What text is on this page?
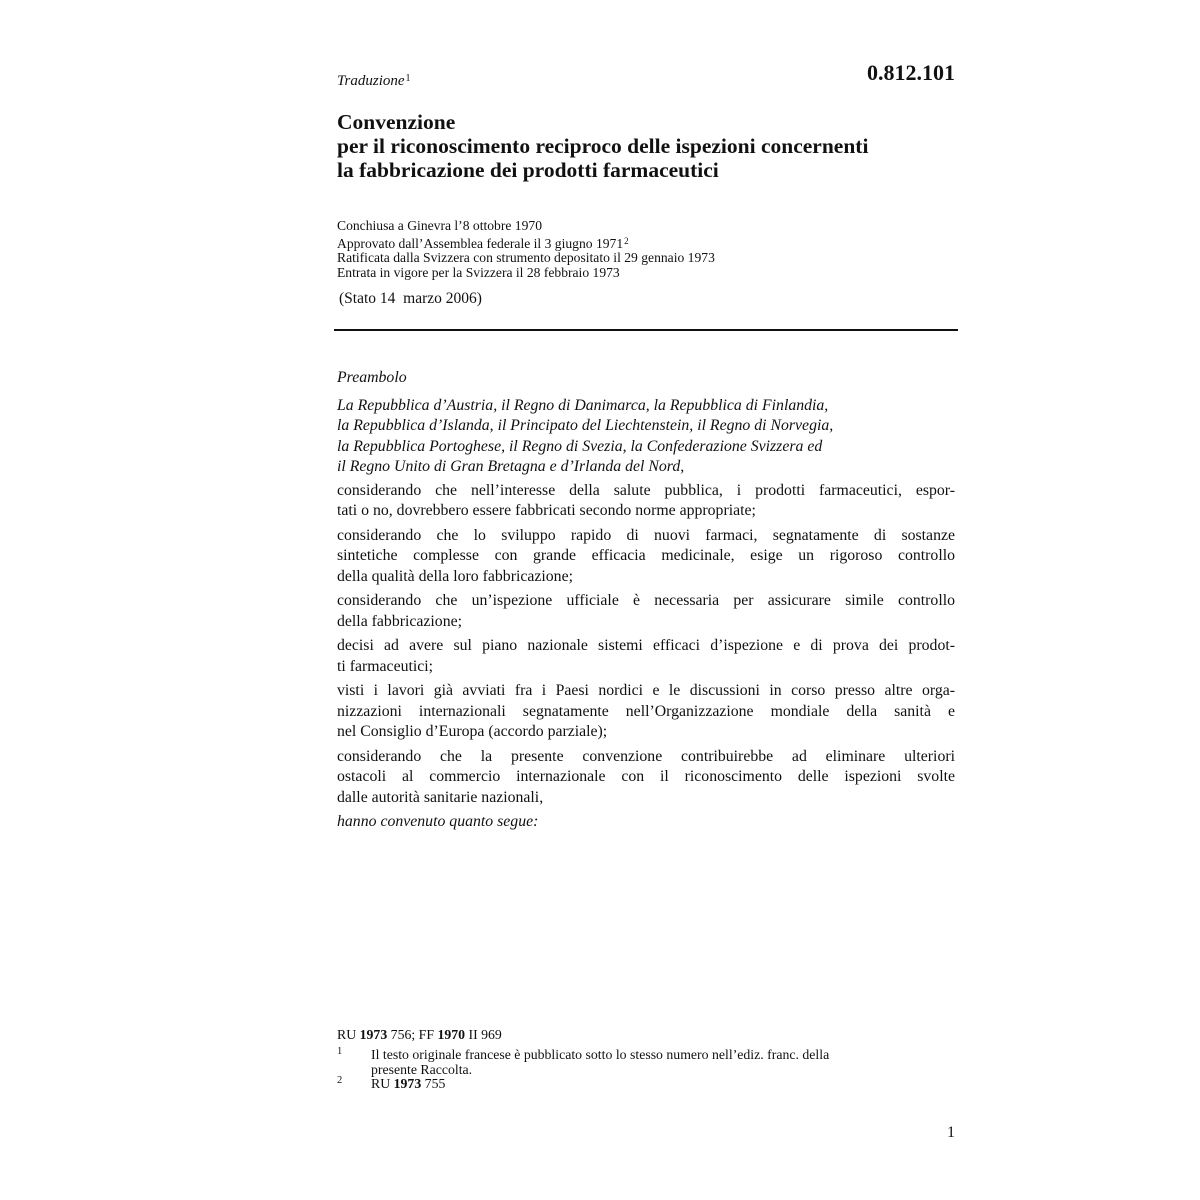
0.812.101
Traduzione$^1$
Convenzione
per il riconoscimento reciproco delle ispezioni concernenti
la fabbricazione dei prodotti farmaceutici
Conchiusa a Ginevra l’8 ottobre 1970
Approvato dall’Assemblea federale il 3 giugno 1971$^2$
Ratificata dalla Svizzera con strumento depositato il 29 gennaio 1973
Entrata in vigore per la Svizzera il 28 febbraio 1973
(Stato 14  marzo 2006)
Preambolo
La Repubblica d’Austria, il Regno di Danimarca, la Repubblica di Finlandia,
la Repubblica d’Islanda, il Principato del Liechtenstein, il Regno di Norvegia,
la Repubblica Portoghese, il Regno di Svezia, la Confederazione Svizzera ed
il Regno Unito di Gran Bretagna e d’Irlanda del Nord,
considerando che nell’interesse della salute pubblica, i prodotti farmaceutici, espor-
tati o no, dovrebbero essere fabbricati secondo norme appropriate;
considerando che lo sviluppo rapido di nuovi farmaci, segnatamente di sostanze
sintetiche complesse con grande efficacia medicinale, esige un rigoroso controllo
della qualità della loro fabbricazione;
considerando che un’ispezione ufficiale è necessaria per assicurare simile controllo
della fabbricazione;
decisi ad avere sul piano nazionale sistemi efficaci d’ispezione e di prova dei prodot-
ti farmaceutici;
visti i lavori già avviati fra i Paesi nordici e le discussioni in corso presso altre orga-
nizzazioni internazionali segnatamente nell’Organizzazione mondiale della sanità e
nel Consiglio d’Europa (accordo parziale);
considerando che la presente convenzione contribuirebbe ad eliminare ulteriori
ostacoli al commercio internazionale con il riconoscimento delle ispezioni svolte
dalle autorità sanitarie nazionali,
hanno convenuto quanto segue:
RU 1973 756; FF 1970 II 969
1 Il testo originale francese è pubblicato sotto lo stesso numero nell’ediz. franc. della
presente Raccolta.
2 RU 1973 755
1
